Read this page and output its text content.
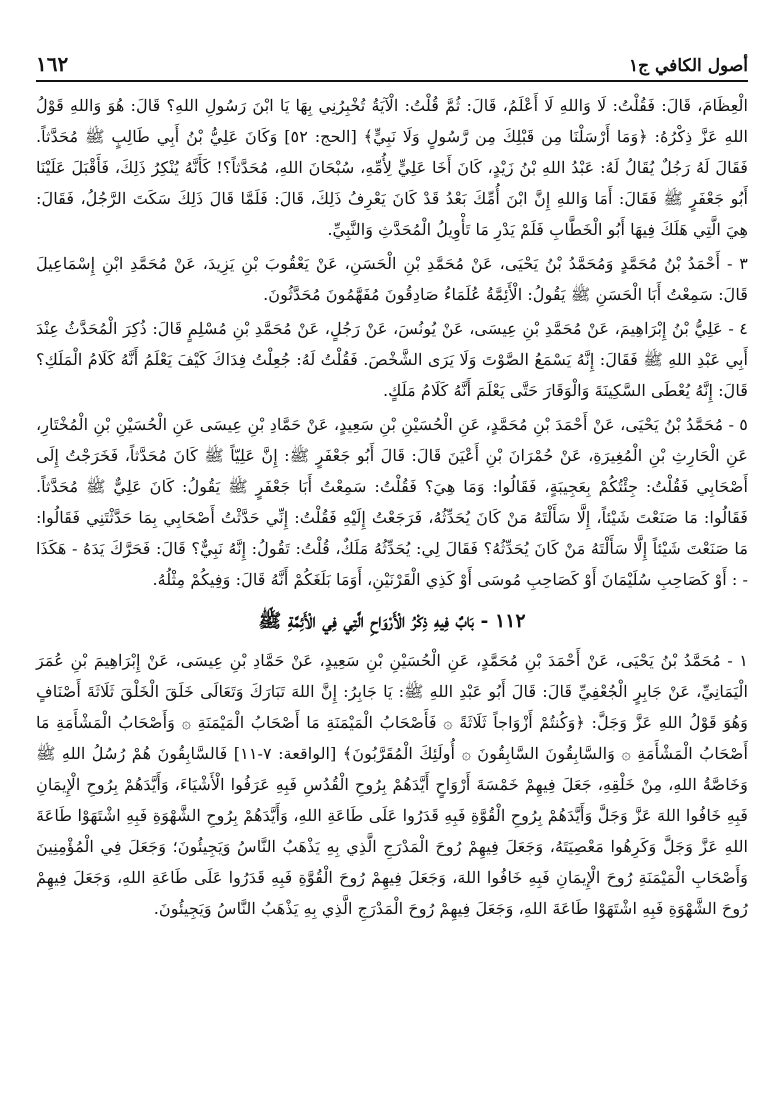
١٦٢	أصول الكافي ج١

الْعِظَامَ، قَالَ: فَقُلْتُ: لَا وَاللهِ لَا أَعْلَمُ، قَالَ: ثُمَّ قُلْتُ: الْآيَةُ تُخْبِرُنِي بِهَا يَا ابْنَ رَسُولِ اللهِ؟ قَالَ: هُوَ وَاللهِ قَوْلُ اللهِ عَزَّ ذِكْرُهُ: ﴿وَمَا أَرْسَلْنَا مِن قَبْلِكَ مِن رَّسُولٍ وَلَا نَبِيٍّ﴾ [الحج: ٥٢] وَكَانَ عَلِيُّ بْنُ أَبِي طَالِبٍ ﷺ مُحَدَّثاً. فَقَالَ لَهُ رَجُلٌ يُقَالُ لَهُ: عَبْدُ اللهِ بْنُ زَيْدٍ، كَانَ أَخَا عَلِيٍّ لِأُمِّهِ، سُبْحَانَ اللهِ، مُحَدَّثاً؟! كَأَنَّهُ يُنْكِرُ ذَلِكَ، فَأَقْبَلَ عَلَيْنَا أَبُو جَعْفَرٍ ﷺ فَقَالَ: أَمَا وَاللهِ إِنَّ ابْنَ أُمِّكَ بَعْدُ قَدْ كَانَ يَعْرِفُ ذَلِكَ، قَالَ: فَلَمَّا قَالَ ذَلِكَ سَكَتَ الرَّجُلُ، فَقَالَ: هِيَ الَّتِي هَلَكَ فِيهَا أَبُو الْخَطَّابِ فَلَمْ يَدْرِ مَا تَأْوِيلُ الْمُحَدَّثِ وَالنَّبِيِّ.

٣ - أَحْمَدُ بْنُ مُحَمَّدٍ وَمُحَمَّدُ بْنُ يَحْيَى، عَنْ مُحَمَّدِ بْنِ الْحَسَنِ، عَنْ يَعْقُوبَ بْنِ يَزِيدَ، عَنْ مُحَمَّدِ ابْنِ إِسْمَاعِيلَ قَالَ: سَمِعْتُ أَبَا الْحَسَنِ ﷺ يَقُولُ: الْأَئِمَّةُ عُلَمَاءُ صَادِقُونَ مُفَهَّمُونَ مُحَدَّثُونَ.

٤ - عَلِيُّ بْنُ إِبْرَاهِيمَ، عَنْ مُحَمَّدِ بْنِ عِيسَى، عَنْ يُونُسَ، عَنْ رَجُلٍ، عَنْ مُحَمَّدِ بْنِ مُسْلِمٍ قَالَ: ذُكِرَ الْمُحَدَّثُ عِنْدَ أَبِي عَبْدِ اللهِ ﷺ فَقَالَ: إِنَّهُ يَسْمَعُ الصَّوْتَ وَلَا يَرَى الشَّخْصَ. فَقُلْتُ لَهُ: جُعِلْتُ فِدَاكَ كَيْفَ يَعْلَمُ أَنَّهُ كَلَامُ الْمَلَكِ؟ قَالَ: إِنَّهُ يُعْطَى السَّكِينَةَ وَالْوَقَارَ حَتَّى يَعْلَمَ أَنَّهُ كَلَامُ مَلَكٍ.

٥ - مُحَمَّدُ بْنُ يَحْيَى، عَنْ أَحْمَدَ بْنِ مُحَمَّدٍ، عَنِ الْحُسَيْنِ بْنِ سَعِيدٍ، عَنْ حَمَّادِ بْنِ عِيسَى عَنِ الْحُسَيْنِ بْنِ الْمُخْتَارِ، عَنِ الْحَارِثِ بْنِ الْمُغِيرَةِ، عَنْ حُمْرَانَ بْنِ أَعْيَنَ قَالَ: قَالَ أَبُو جَعْفَرٍ ﷺ: إِنَّ عَلِيّاً ﷺ كَانَ مُحَدَّثاً، فَخَرَجْتُ إِلَى أَصْحَابِي فَقُلْتُ: جِئْتُكُمْ بِعَجِيبَةٍ، فَقَالُوا: وَمَا هِيَ؟ فَقُلْتُ: سَمِعْتُ أَبَا جَعْفَرٍ ﷺ يَقُولُ: كَانَ عَلِيٌّ ﷺ مُحَدَّثاً. فَقَالُوا: مَا صَنَعْتَ شَيْئاً، إِلَّا سَأَلْتَهُ مَنْ كَانَ يُحَدِّثُهُ، فَرَجَعْتُ إِلَيْهِ فَقُلْتُ: إِنِّي حَدَّثْتُ أَصْحَابِي بِمَا حَدَّثْتَنِي فَقَالُوا: مَا صَنَعْتَ شَيْئاً إِلَّا سَأَلْتَهُ مَنْ كَانَ يُحَدِّثُهُ؟ فَقَالَ لِي: يُحَدِّثُهُ مَلَكٌ، قُلْتُ: تَقُولُ: إِنَّهُ نَبِيٌّ؟ قَالَ: فَحَرَّكَ يَدَهُ - هَكَذَا - : أَوْ كَصَاحِبِ سُلَيْمَانَ أَوْ كَصَاحِبِ مُوسَى أَوْ كَذِي الْقَرْنَيْنِ، أَوَمَا بَلَغَكُمْ أَنَّهُ قَالَ: وَفِيكُمْ مِثْلُهُ.

١١٢ - بَابٌ فِيهِ ذِكْرُ الْأَرْوَاحِ الَّتِي فِي الْأَئِمَّةِ ﷺ

١ - مُحَمَّدُ بْنُ يَحْيَى، عَنْ أَحْمَدَ بْنِ مُحَمَّدٍ، عَنِ الْحُسَيْنِ بْنِ سَعِيدٍ، عَنْ حَمَّادِ بْنِ عِيسَى، عَنْ إِبْرَاهِيمَ بْنِ عُمَرَ الْيَمَانِيِّ، عَنْ جَابِرٍ الْجُعْفِيِّ قَالَ: قَالَ أَبُو عَبْدِ اللهِ ﷺ: يَا جَابِرُ: إِنَّ اللهَ تَبَارَكَ وَتَعَالَى خَلَقَ الْخَلْقَ ثَلَاثَةَ أَصْنَافٍ وَهُوَ قَوْلُ اللهِ عَزَّ وَجَلَّ: ﴿وَكُنتُمْ أَزْوَاجاً ثَلَاثَةً ۞ فَأَصْحَابُ الْمَيْمَنَةِ مَا أَصْحَابُ الْمَيْمَنَةِ ۞ وَأَصْحَابُ الْمَشْأَمَةِ مَا أَصْحَابُ الْمَشْأَمَةِ ۞ وَالسَّابِقُونَ السَّابِقُونَ ۞ أُولَئِكَ الْمُقَرَّبُونَ﴾ [الواقعة: ٧-١١] فَالسَّابِقُونَ هُمْ رُسُلُ اللهِ ﷺ وَخَاصَّةُ اللهِ، مِنْ خَلْقِهِ، جَعَلَ فِيهِمْ خَمْسَةَ أَرْوَاحٍ أَيَّدَهُمْ بِرُوحِ الْقُدُسِ فَبِهِ عَرَفُوا الْأَشْيَاءَ، وَأَيَّدَهُمْ بِرُوحِ الْإِيمَانِ فَبِهِ خَافُوا اللهَ عَزَّ وَجَلَّ وَأَيَّدَهُمْ بِرُوحِ الْقُوَّةِ فَبِهِ قَدَرُوا عَلَى طَاعَةِ اللهِ، وَأَيَّدَهُمْ بِرُوحِ الشَّهْوَةِ فَبِهِ اشْتَهَوْا طَاعَةَ اللهِ عَزَّ وَجَلَّ وَكَرِهُوا مَعْصِيَتَهُ، وَجَعَلَ فِيهِمْ رُوحَ الْمَدْرَجِ الَّذِي بِهِ يَذْهَبُ النَّاسُ وَيَجِيئُونَ؛ وَجَعَلَ فِي الْمُؤْمِنِينَ وَأَصْحَابِ الْمَيْمَنَةِ رُوحَ الْإِيمَانِ فَبِهِ خَافُوا اللهَ، وَجَعَلَ فِيهِمْ رُوحَ الْقُوَّةِ فَبِهِ قَدَرُوا عَلَى طَاعَةِ اللهِ، وَجَعَلَ فِيهِمْ رُوحَ الشَّهْوَةِ فَبِهِ اشْتَهَوْا طَاعَةَ اللهِ، وَجَعَلَ فِيهِمْ رُوحَ الْمَدْرَجِ الَّذِي بِهِ يَذْهَبُ النَّاسُ وَيَجِيئُونَ.
